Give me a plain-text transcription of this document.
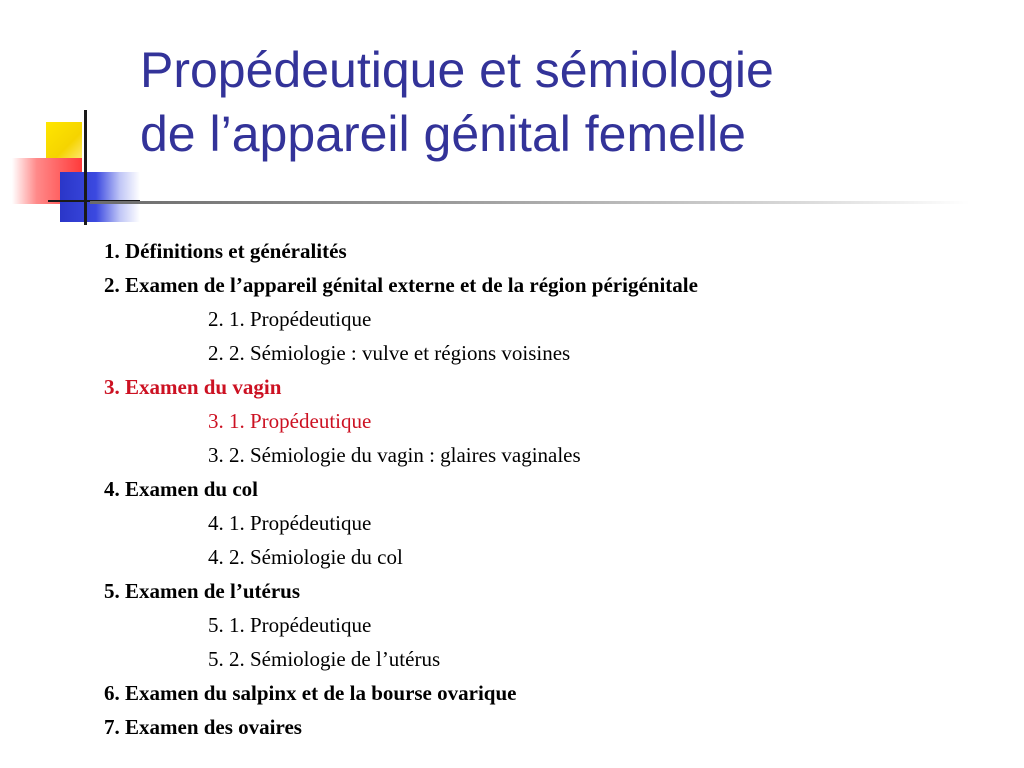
Propédeutique et sémiologie
de l’appareil génital femelle
1. Définitions et généralités
2. Examen de l’appareil génital externe et de la région périgénitale
2. 1. Propédeutique
2. 2. Sémiologie : vulve et régions voisines
3. Examen du vagin
3. 1. Propédeutique
3. 2. Sémiologie du vagin : glaires vaginales
4. Examen du col
4. 1. Propédeutique
4. 2. Sémiologie du col
5. Examen de l’utérus
5. 1. Propédeutique
5. 2. Sémiologie de l’utérus
6. Examen du salpinx et de la bourse ovarique
7. Examen des ovaires
